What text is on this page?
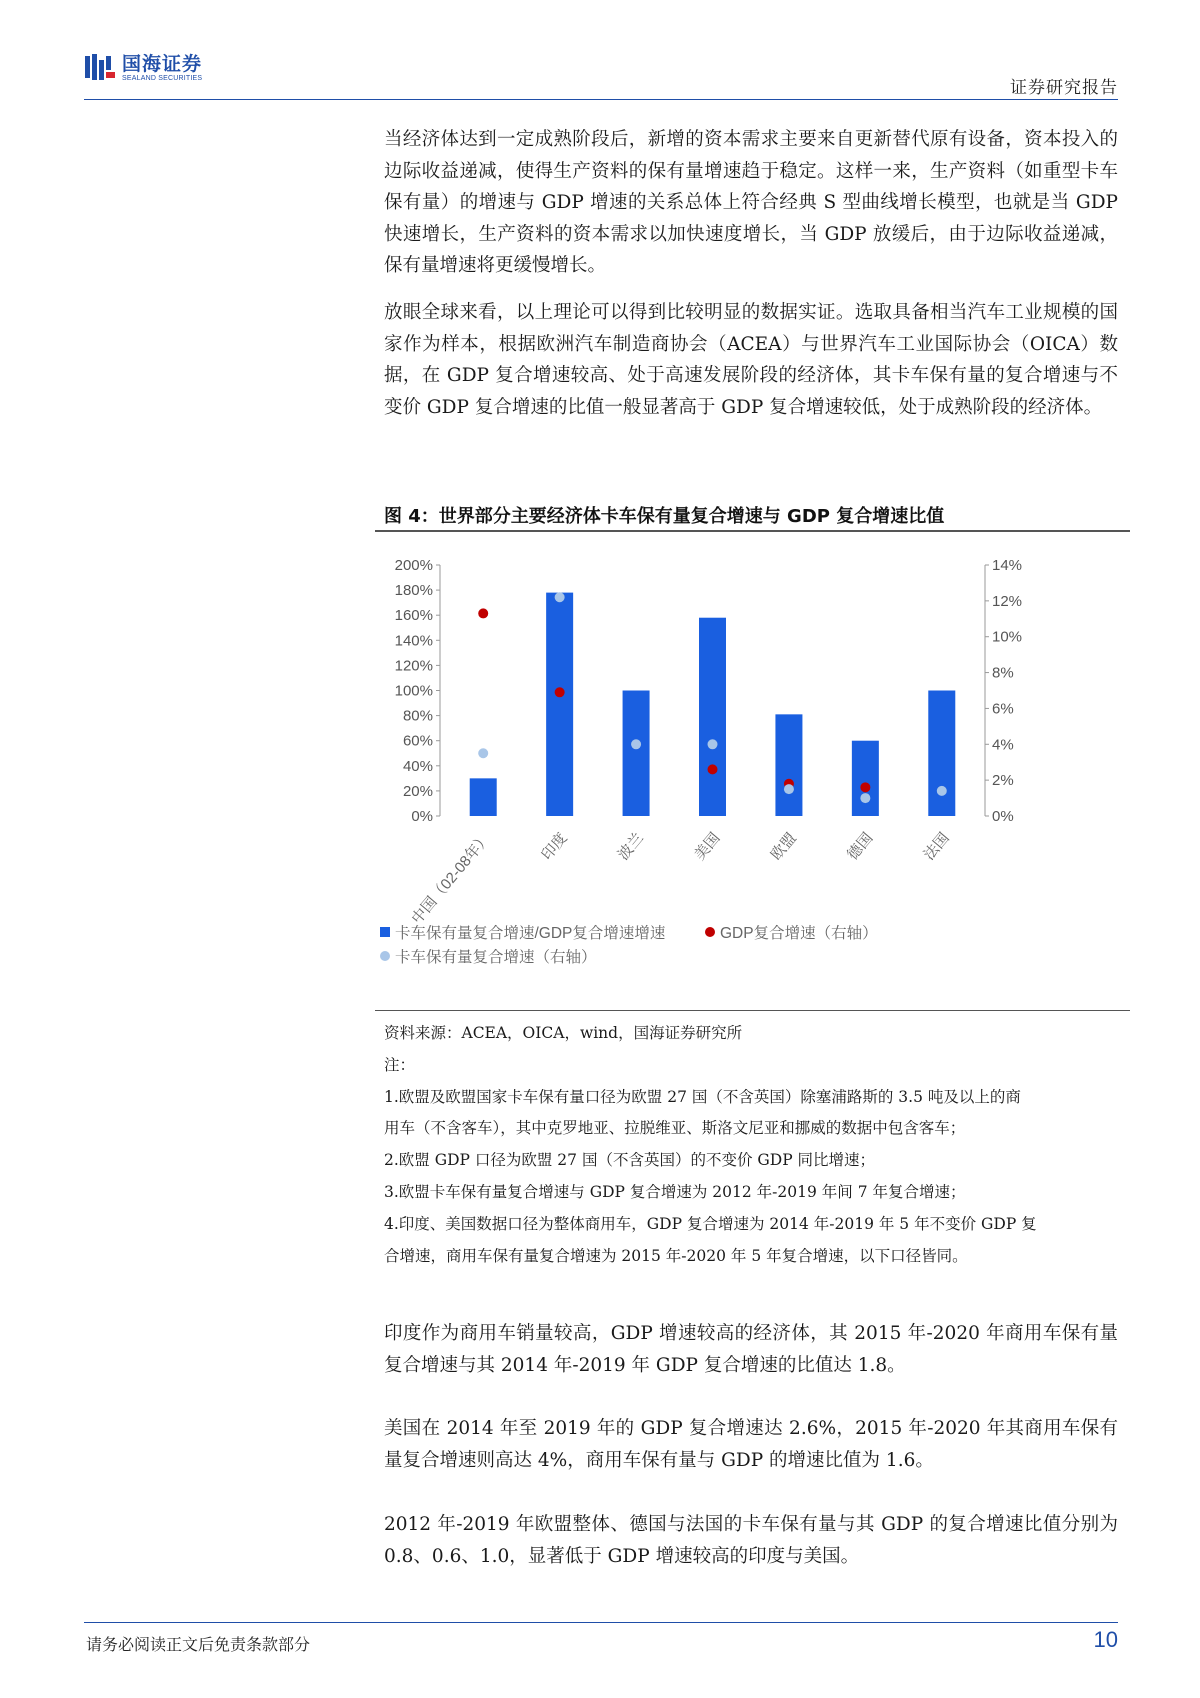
国海证券
SEALAND SECURITIES	证券研究报告
当经济体达到一定成熟阶段后，新增的资本需求主要来自更新替代原有设备，资本投入的边际收益递减，使得生产资料的保有量增速趋于稳定。这样一来，生产资料（如重型卡车保有量）的增速与 GDP 增速的关系总体上符合经典 S 型曲线增长模型，也就是当 GDP 快速增长，生产资料的资本需求以加快速度增长，当 GDP 放缓后，由于边际收益递减，保有量增速将更缓慢增长。
放眼全球来看，以上理论可以得到比较明显的数据实证。选取具备相当汽车工业规模的国家作为样本，根据欧洲汽车制造商协会（ACEA）与世界汽车工业国际协会（OICA）数据，在 GDP 复合增速较高、处于高速发展阶段的经济体，其卡车保有量的复合增速与不变价 GDP 复合增速的比值一般显著高于 GDP 复合增速较低，处于成熟阶段的经济体。
图 4：世界部分主要经济体卡车保有量复合增速与 GDP 复合增速比值
0%
20%
40%
60%
80%
100%
120%
140%
160%
180%
200%
0%
2%
4%
6%
8%
10%
12%
14%
中国（02-08年）	印度	波兰	美国	欧盟	德国	法国
卡车保有量复合增速/GDP复合增速增速	GDP复合增速（右轴）
卡车保有量复合增速（右轴）
资料来源：ACEA，OICA，wind，国海证券研究所
注：
1.欧盟及欧盟国家卡车保有量口径为欧盟 27 国（不含英国）除塞浦路斯的 3.5 吨及以上的商
用车（不含客车），其中克罗地亚、拉脱维亚、斯洛文尼亚和挪威的数据中包含客车；
2.欧盟 GDP 口径为欧盟 27 国（不含英国）的不变价 GDP 同比增速；
3.欧盟卡车保有量复合增速与 GDP 复合增速为 2012 年-2019 年间 7 年复合增速；
4.印度、美国数据口径为整体商用车，GDP 复合增速为 2014 年-2019 年 5 年不变价 GDP 复
合增速，商用车保有量复合增速为 2015 年-2020 年 5 年复合增速，以下口径皆同。
印度作为商用车销量较高，GDP 增速较高的经济体，其 2015 年-2020 年商用车保有量复合增速与其 2014 年-2019 年 GDP 复合增速的比值达 1.8。
美国在 2014 年至 2019 年的 GDP 复合增速达 2.6%，2015 年-2020 年其商用车保有量复合增速则高达 4%，商用车保有量与 GDP 的增速比值为 1.6。
2012 年-2019 年欧盟整体、德国与法国的卡车保有量与其 GDP 的复合增速比值分别为 0.8、0.6、1.0，显著低于 GDP 增速较高的印度与美国。
请务必阅读正文后免责条款部分	10
